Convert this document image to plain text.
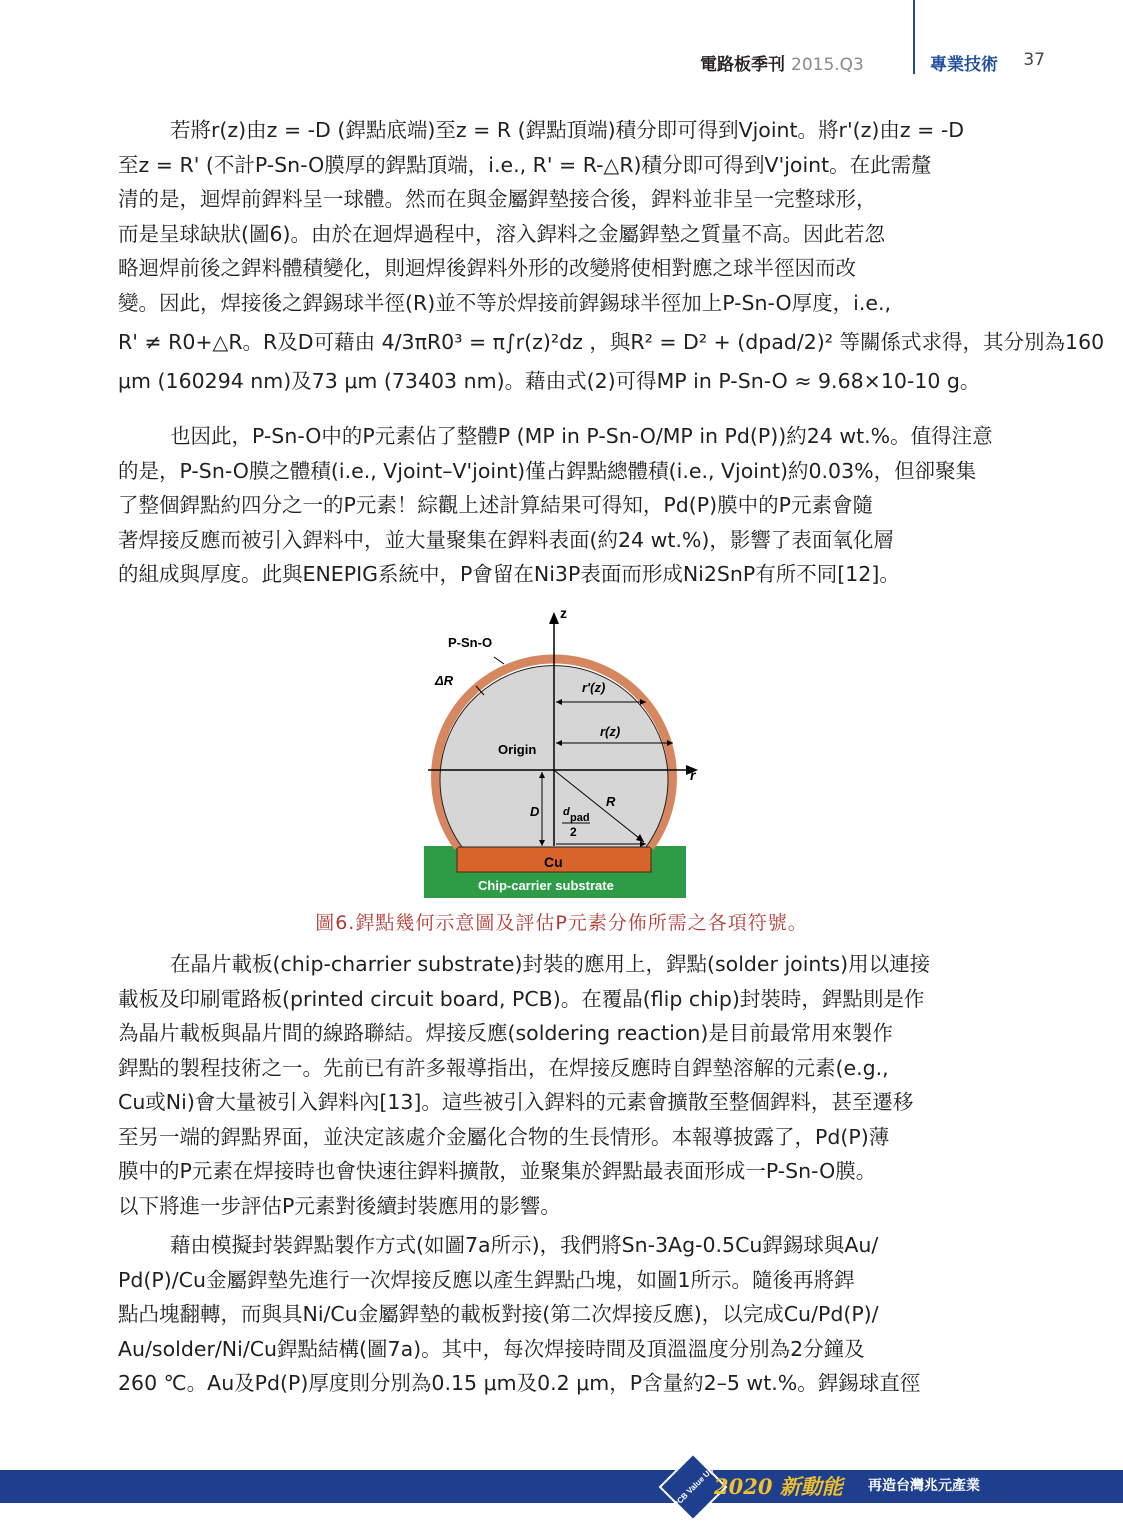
電路板季刊 2015.Q3	專業技術 37
若將r(z)由z = -D (銲點底端)至z = R (銲點頂端)積分即可得到Vjoint。將r'(z)由z = -D
至z = R' (不計P-Sn-O膜厚的銲點頂端，i.e., R' = R-△R)積分即可得到V'joint。在此需釐
清的是，迴焊前銲料呈一球體。然而在與金屬銲墊接合後，銲料並非呈一完整球形，
而是呈球缺狀(圖6)。由於在迴焊過程中，溶入銲料之金屬銲墊之質量不高。因此若忽
略迴焊前後之銲料體積變化，則迴焊後銲料外形的改變將使相對應之球半徑因而改
變。因此，焊接後之銲錫球半徑(R)並不等於焊接前銲錫球半徑加上P-Sn-O厚度，i.e.,
R' ≠ R0+△R。R及D可藉由 4/3πR0³ = π∫r(z)²dz ，與R² = D² + (dpad/2)² 等關係式求得，其分別為160
μm (160294 nm)及73 μm (73403 nm)。藉由式(2)可得MP in P-Sn-O ≈ 9.68×10-10 g。
也因此，P-Sn-O中的P元素佔了整體P (MP in P-Sn-O/MP in Pd(P))約24 wt.%。值得注意
的是，P-Sn-O膜之體積(i.e., Vjoint–V'joint)僅占銲點總體積(i.e., Vjoint)約0.03%，但卻聚集
了整個銲點約四分之一的P元素！綜觀上述計算結果可得知，Pd(P)膜中的P元素會隨
著焊接反應而被引入銲料中，並大量聚集在銲料表面(約24 wt.%)，影響了表面氧化層
的組成與厚度。此與ENEPIG系統中，P會留在Ni3P表面而形成Ni2SnP有所不同[12]。
z
r
P-Sn-O
ΔR	r'(z)
r(z)
Origin
R
D d pad
2
Cu
Chip-carrier substrate
圖6.銲點幾何示意圖及評估P元素分佈所需之各項符號。
在晶片載板(chip-charrier substrate)封裝的應用上，銲點(solder joints)用以連接
載板及印刷電路板(printed circuit board, PCB)。在覆晶(flip chip)封裝時，銲點則是作
為晶片載板與晶片間的線路聯結。焊接反應(soldering reaction)是目前最常用來製作
銲點的製程技術之一。先前已有許多報導指出，在焊接反應時自銲墊溶解的元素(e.g.,
Cu或Ni)會大量被引入銲料內[13]。這些被引入銲料的元素會擴散至整個銲料，甚至遷移
至另一端的銲點界面，並決定該處介金屬化合物的生長情形。本報導披露了，Pd(P)薄
膜中的P元素在焊接時也會快速往銲料擴散，並聚集於銲點最表面形成一P-Sn-O膜。
以下將進一步評估P元素對後續封裝應用的影響。
藉由模擬封裝銲點製作方式(如圖7a所示)，我們將Sn-3Ag-0.5Cu銲錫球與Au/
Pd(P)/Cu金屬銲墊先進行一次焊接反應以產生銲點凸塊，如圖1所示。隨後再將銲
點凸塊翻轉，而與具Ni/Cu金屬銲墊的載板對接(第二次焊接反應)，以完成Cu/Pd(P)/
Au/solder/Ni/Cu銲點結構(圖7a)。其中，每次焊接時間及頂溫溫度分別為2分鐘及
260 ℃。Au及Pd(P)厚度則分別為0.15 μm及0.2 μm，P含量約2–5 wt.%。銲錫球直徑
PCB Value Up
2020 新動能 再造台灣兆元產業
